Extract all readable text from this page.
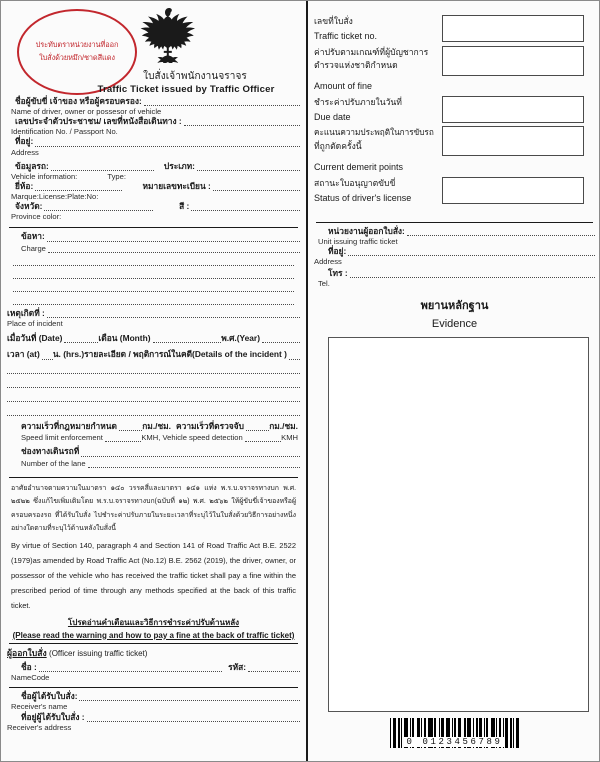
ประทับตราหน่วยงานที่ออก
ใบสั่งด้วยหมึก/ชาดสีแดง
ใบสั่งเจ้าพนักงานจราจร
Traffic Ticket issued by Traffic Officer
ชื่อผู้ขับขี่ เจ้าของ หรือผู้ครอบครอง:
Name of driver, owner or possesor of vehicle
เลขประจำตัวประชาชน/ เลขที่หนังสือเดินทาง :
Identification No. / Passport No.
ที่อยู่:
Address
ข้อมูลรถ:	ประเภท:
Vehicle information:	Type:
ยี่ห้อ:	หมายเลขทะเบียน :
Marque:License:Plate:No:
จังหวัด:	สี :
Province color:
ข้อหา:
Charge
เหตุเกิดที่ :
Place of incident
เมื่อวันที่ (Date)	เดือน (Month)	พ.ศ.(Year)
เวลา (at) น. (hrs.)รายละเอียด / พฤติการณ์ในคดี(Details of the incident )
ความเร็วที่กฎหมายกำหนด	กม./ชม. ความเร็วที่ตรวจจับ	กม./ชม.
Speed limit enforcement	KMH, Vehicle speed detection	KMH
ช่องทางเดินรถที่
Number of the lane
อาศัยอำนาจตามความในมาตรา ๑๔๐ วรรคสี่และมาตรา ๑๔๑ แห่ง พ.ร.บ.จราจรทางบก พ.ศ. ๒๕๒๒ ซึ่งแก้ไขเพิ่มเติมโดย พ.ร.บ.จราจรทางบก(ฉบับที่ ๑๒) พ.ศ. ๒๕๖๒ ให้ผู้ขับขี่เจ้าของหรือผู้ครอบครองรถ ที่ได้รับใบสั่ง ไปชำระค่าปรับภายในระยะเวลาที่ระบุไว้ในใบสั่งด้วยวิธีการอย่างหนึ่งอย่างใดตามที่ระบุไว้ด้านหลังใบสั่งนี้
By virtue of Section 140, paragraph 4 and Section 141 of Road Traffic Act B.E. 2522 (1979)as amended by Road Traffic Act (No.12) B.E. 2562 (2019), the driver, owner, or possessor of the vehicle who has received the traffic ticket shall pay a fine within the prescribed period of time through any methods specified at the back of this traffic ticket.
โปรดอ่านคำเตือนและวิธีการชำระค่าปรับด้านหลัง
(Please read the warning and how to pay a fine at the back of traffic ticket)
ผู้ออกใบสั่ง (Officer issuing traffic ticket)
ชื่อ :	รหัส:
NameCode
ชื่อผู้ได้รับใบสั่ง:
Receiver's name
ที่อยู่ผู้ได้รับใบสั่ง :
Receiver's address
เลขที่ใบสั่ง
Traffic ticket no.
ค่าปรับตามเกณฑ์ที่ผู้บัญชาการ
ตำรวจแห่งชาติกำหนด
Amount of fine
ชำระค่าปรับภายในวันที่
Due date
คะแนนความประพฤติในการขับรถ
ที่ถูกตัดครั้งนี้
Current demerit points
สถานะใบอนุญาตขับขี่
Status of driver's license
หน่วยงานผู้ออกใบสั่ง:
Unit issuing traffic ticket
ที่อยู่:
Address
โทร :
Tel.
พยานหลักฐาน
Evidence
0 0123456789
